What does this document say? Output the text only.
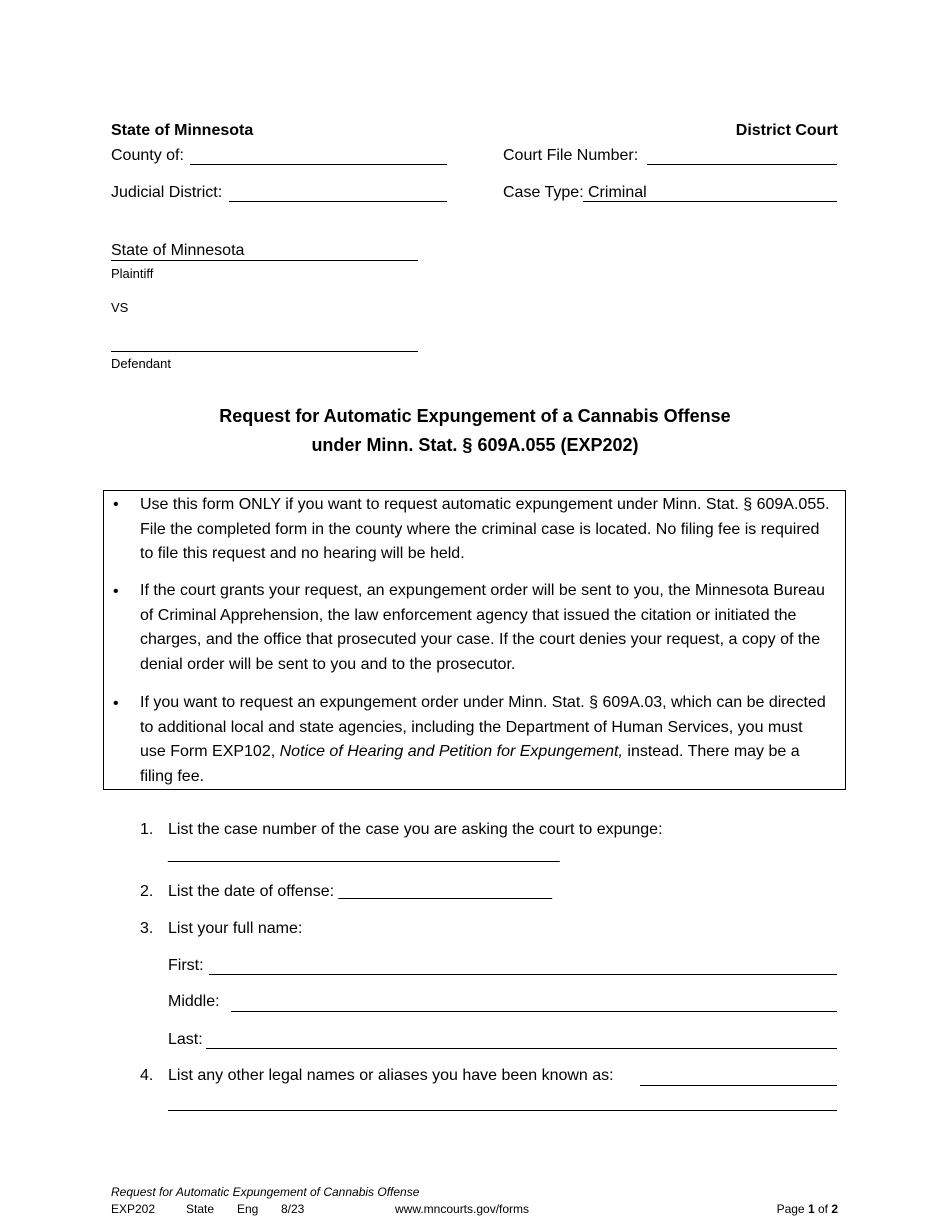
State of Minnesota	District Court
County of:	Court File Number:
Judicial District:	Case Type: Criminal
State of Minnesota
Plaintiff
VS
Defendant
Request for Automatic Expungement of a Cannabis Offense
under Minn. Stat. § 609A.055 (EXP202)
• Use this form ONLY if you want to request automatic expungement under Minn. Stat. § 609A.055. File the completed form in the county where the criminal case is located. No filing fee is required to file this request and no hearing will be held.
• If the court grants your request, an expungement order will be sent to you, the Minnesota Bureau of Criminal Apprehension, the law enforcement agency that issued the citation or initiated the charges, and the office that prosecuted your case. If the court denies your request, a copy of the denial order will be sent to you and to the prosecutor.
• If you want to request an expungement order under Minn. Stat. § 609A.03, which can be directed to additional local and state agencies, including the Department of Human Services, you must use Form EXP102, Notice of Hearing and Petition for Expungement, instead. There may be a filing fee.
1. List the case number of the case you are asking the court to expunge:
____________________________________________
2. List the date of offense: ________________________
3. List your full name:
First:
Middle:
Last:
4. List any other legal names or aliases you have been known as:
Request for Automatic Expungement of Cannabis Offense
EXP202	State Eng 8/23	www.mncourts.gov/forms	Page 1 of 2
